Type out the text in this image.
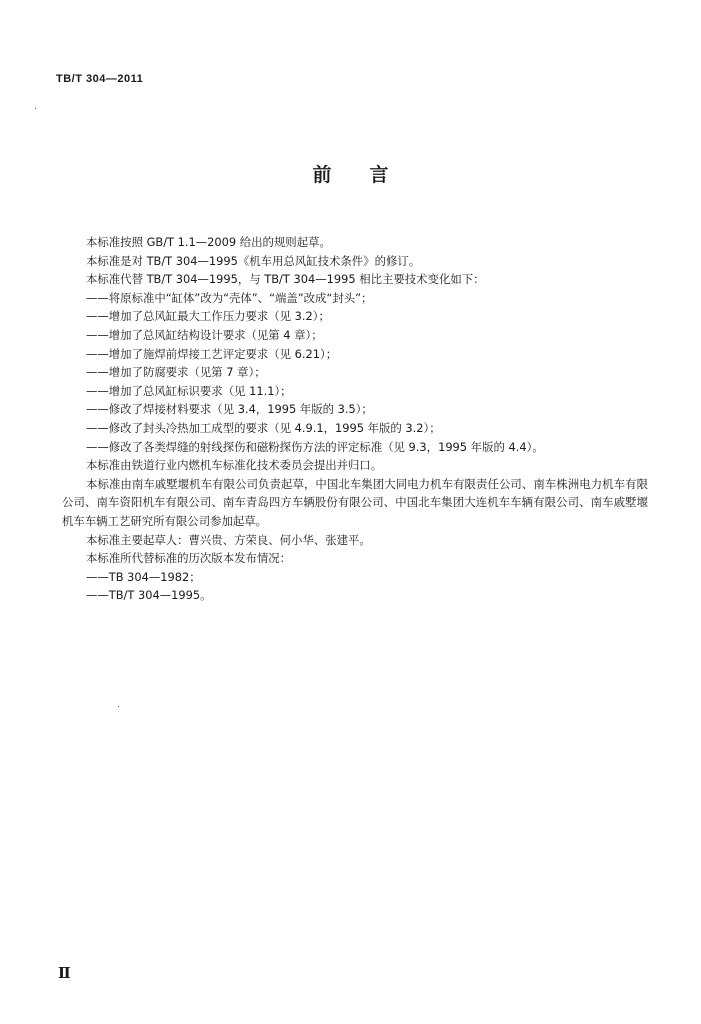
TB/T 304—2011
前言

本标准按照 GB/T 1.1—2009 给出的规则起草。

本标准是对 TB/T 304—1995《机车用总风缸技术条件》的修订。

本标准代替 TB/T 304—1995，与 TB/T 304—1995 相比主要技术变化如下：

——将原标准中“缸体”改为“壳体”、“端盖”改成“封头”；

——增加了总风缸最大工作压力要求（见 3.2）；

——增加了总风缸结构设计要求（见第 4 章）；

——增加了施焊前焊接工艺评定要求（见 6.21）；

——增加了防腐要求（见第 7 章）；

——增加了总风缸标识要求（见 11.1）；

——修改了焊接材料要求（见 3.4，1995 年版的 3.5）；

——修改了封头冷热加工成型的要求（见 4.9.1，1995 年版的 3.2）；

——修改了各类焊缝的射线探伤和磁粉探伤方法的评定标准（见 9.3，1995 年版的 4.4）。

本标准由铁道行业内燃机车标准化技术委员会提出并归口。

本标准由南车戚墅堰机车有限公司负责起草，中国北车集团大同电力机车有限责任公司、南车株洲电力机车有限公司、南车资阳机车有限公司、南车青岛四方车辆股份有限公司、中国北车集团大连机车车辆有限公司、南车戚墅堰机车车辆工艺研究所有限公司参加起草。

本标准主要起草人：曹兴贵、方荣良、何小华、张建平。

本标准所代替标准的历次版本发布情况：

——TB 304—1982；

——TB/T 304—1995。

Ⅱ
